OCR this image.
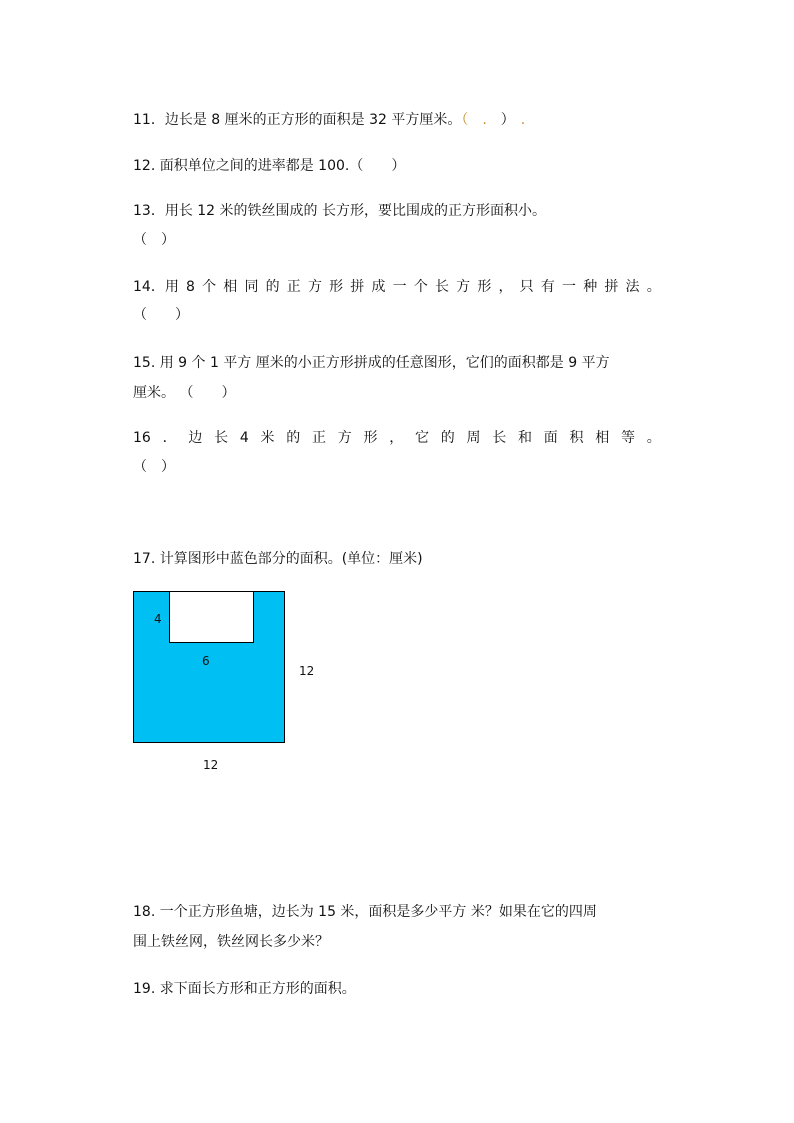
11．边长是 8 厘米的正方形的面积是 32 平方厘米。（ . ） .
12. 面积单位之间的进率都是 100.（　　）
13．用长 12 米的铁丝围成的 长方形，要比围成的正方形面积小。
（　）
14．用 8 个 相 同 的 正 方 形 拼 成 一 个 长 方 形 ， 只 有 一 种 拼 法 。
（　　）
15. 用 9 个 1 平方 厘米的小正方形拼成的任意图形，它们的面积都是 9 平方
厘米。 （　　）
16 ． 边 长 4 米 的 正 方 形 ， 它 的 周 长 和 面 积 相 等 。
（　）
17. 计算图形中蓝色部分的面积。(单位：厘米)
4
6
12
12
18. 一个正方形鱼塘，边长为 15 米，面积是多少平方 米？如果在它的四周
围上铁丝网，铁丝网长多少米？
19. 求下面长方形和正方形的面积。
